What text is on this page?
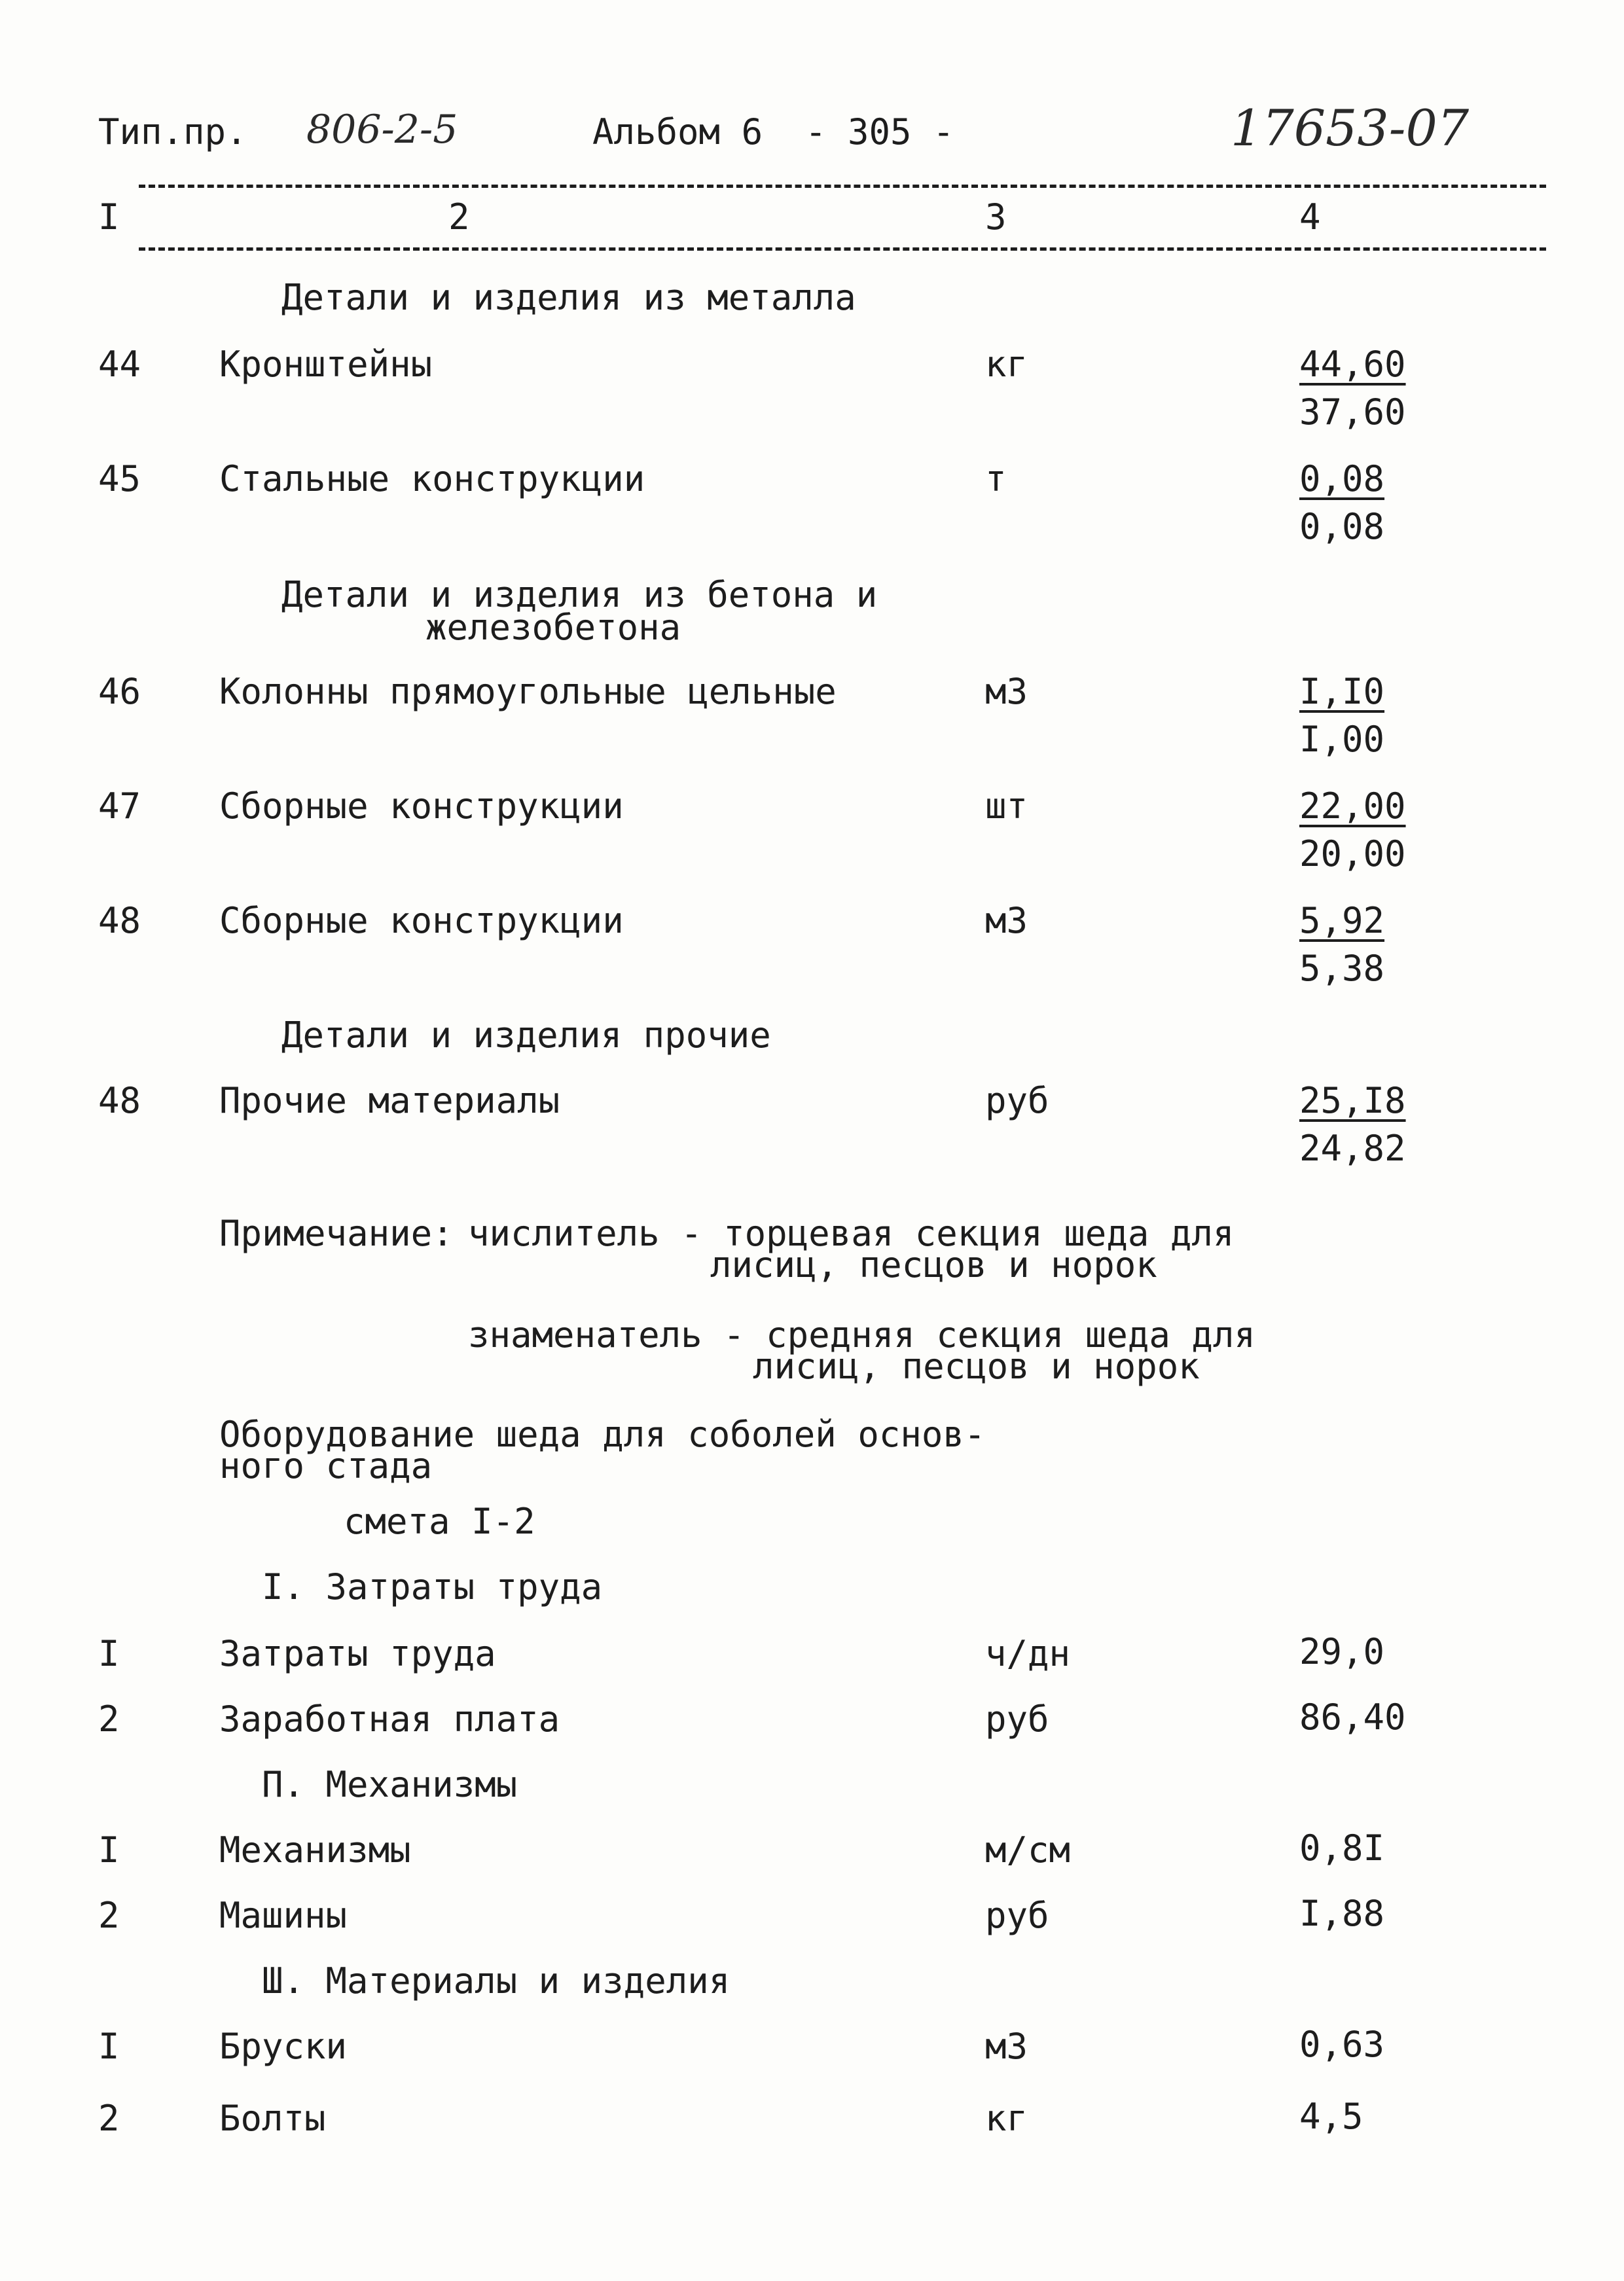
Тип.пр. 806-2-5	Альбом 6 - 305 -	17653-07
I	2	3	4
Детали и изделия из металла
44 Кронштейны	кг	44,60
37,60
45 Стальные конструкции	т	0,08
0,08
Детали и изделия из бетона и
железобетона
46 Колонны прямоугольные цельные	м3	I,I0
I,00
47 Сборные конструкции	шт	22,00
20,00
48 Сборные конструкции	м3	5,92
5,38
Детали и изделия прочие
48 Прочие материалы	руб	25,I8
24,82
Примечание: числитель - торцевая секция шеда для
лисиц, песцов и норок
знаменатель - средняя секция шеда для
лисиц, песцов и норок
Оборудование шеда для соболей основ-
ного стада
смета I-2
I. Затраты труда
I	Затраты труда	ч/дн	29,0
2	Заработная плата	руб	86,40
П. Механизмы
I	Механизмы	м/см	0,8I
2	Машины	руб	I,88
Ш. Материалы и изделия
I	Бруски	м3	0,63
2	Болты	кг	4,5
